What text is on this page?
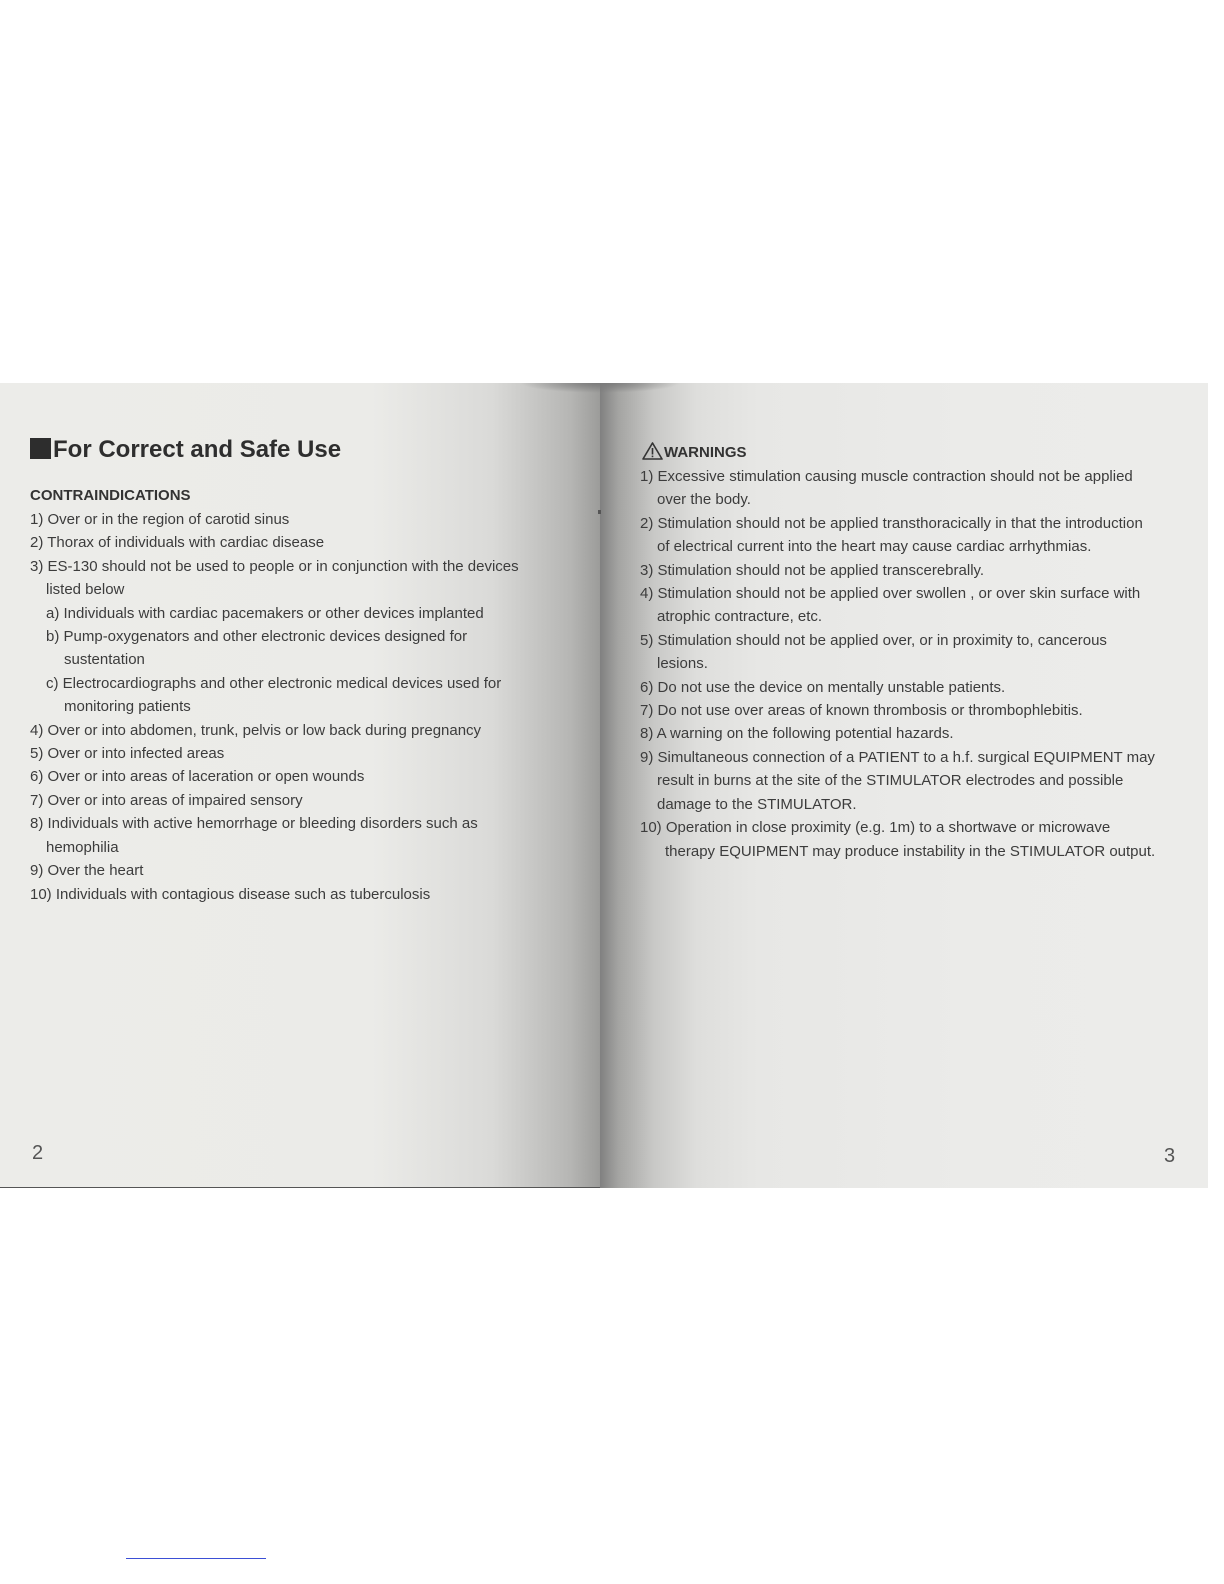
For Correct and Safe Use
CONTRAINDICATIONS
1) Over or in the region of carotid sinus
2) Thorax of individuals with cardiac disease
3) ES-130 should not be used to people or in conjunction with the devices
listed below
a) Individuals with cardiac pacemakers or other devices implanted
b) Pump-oxygenators and other electronic devices designed for
sustentation
c) Electrocardiographs and other electronic medical devices used for
monitoring patients
4) Over or into abdomen, trunk, pelvis or low back during pregnancy
5) Over or into infected areas
6) Over or into areas of laceration or open wounds
7) Over or into areas of impaired sensory
8) Individuals with active hemorrhage or bleeding disorders such as
hemophilia
9) Over the heart
10) Individuals with contagious disease such as tuberculosis
WARNINGS
1) Excessive stimulation causing muscle contraction should not be applied
over the body.
2) Stimulation should not be applied transthoracically in that the introduction
of electrical current into the heart may cause cardiac arrhythmias.
3) Stimulation should not be applied transcerebrally.
4) Stimulation should not be applied over swollen , or over skin surface with
atrophic contracture, etc.
5) Stimulation should not be applied over, or in proximity to, cancerous
lesions.
6) Do not use the device on mentally unstable patients.
7) Do not use over areas of known thrombosis or thrombophlebitis.
8) A warning on the following potential hazards.
9) Simultaneous connection of a PATIENT to a h.f. surgical EQUIPMENT may
result in burns at the site of the STIMULATOR electrodes and possible
damage to the STIMULATOR.
10) Operation in close proximity (e.g. 1m) to a shortwave or microwave
therapy EQUIPMENT may produce instability in the STIMULATOR output.
2	3
